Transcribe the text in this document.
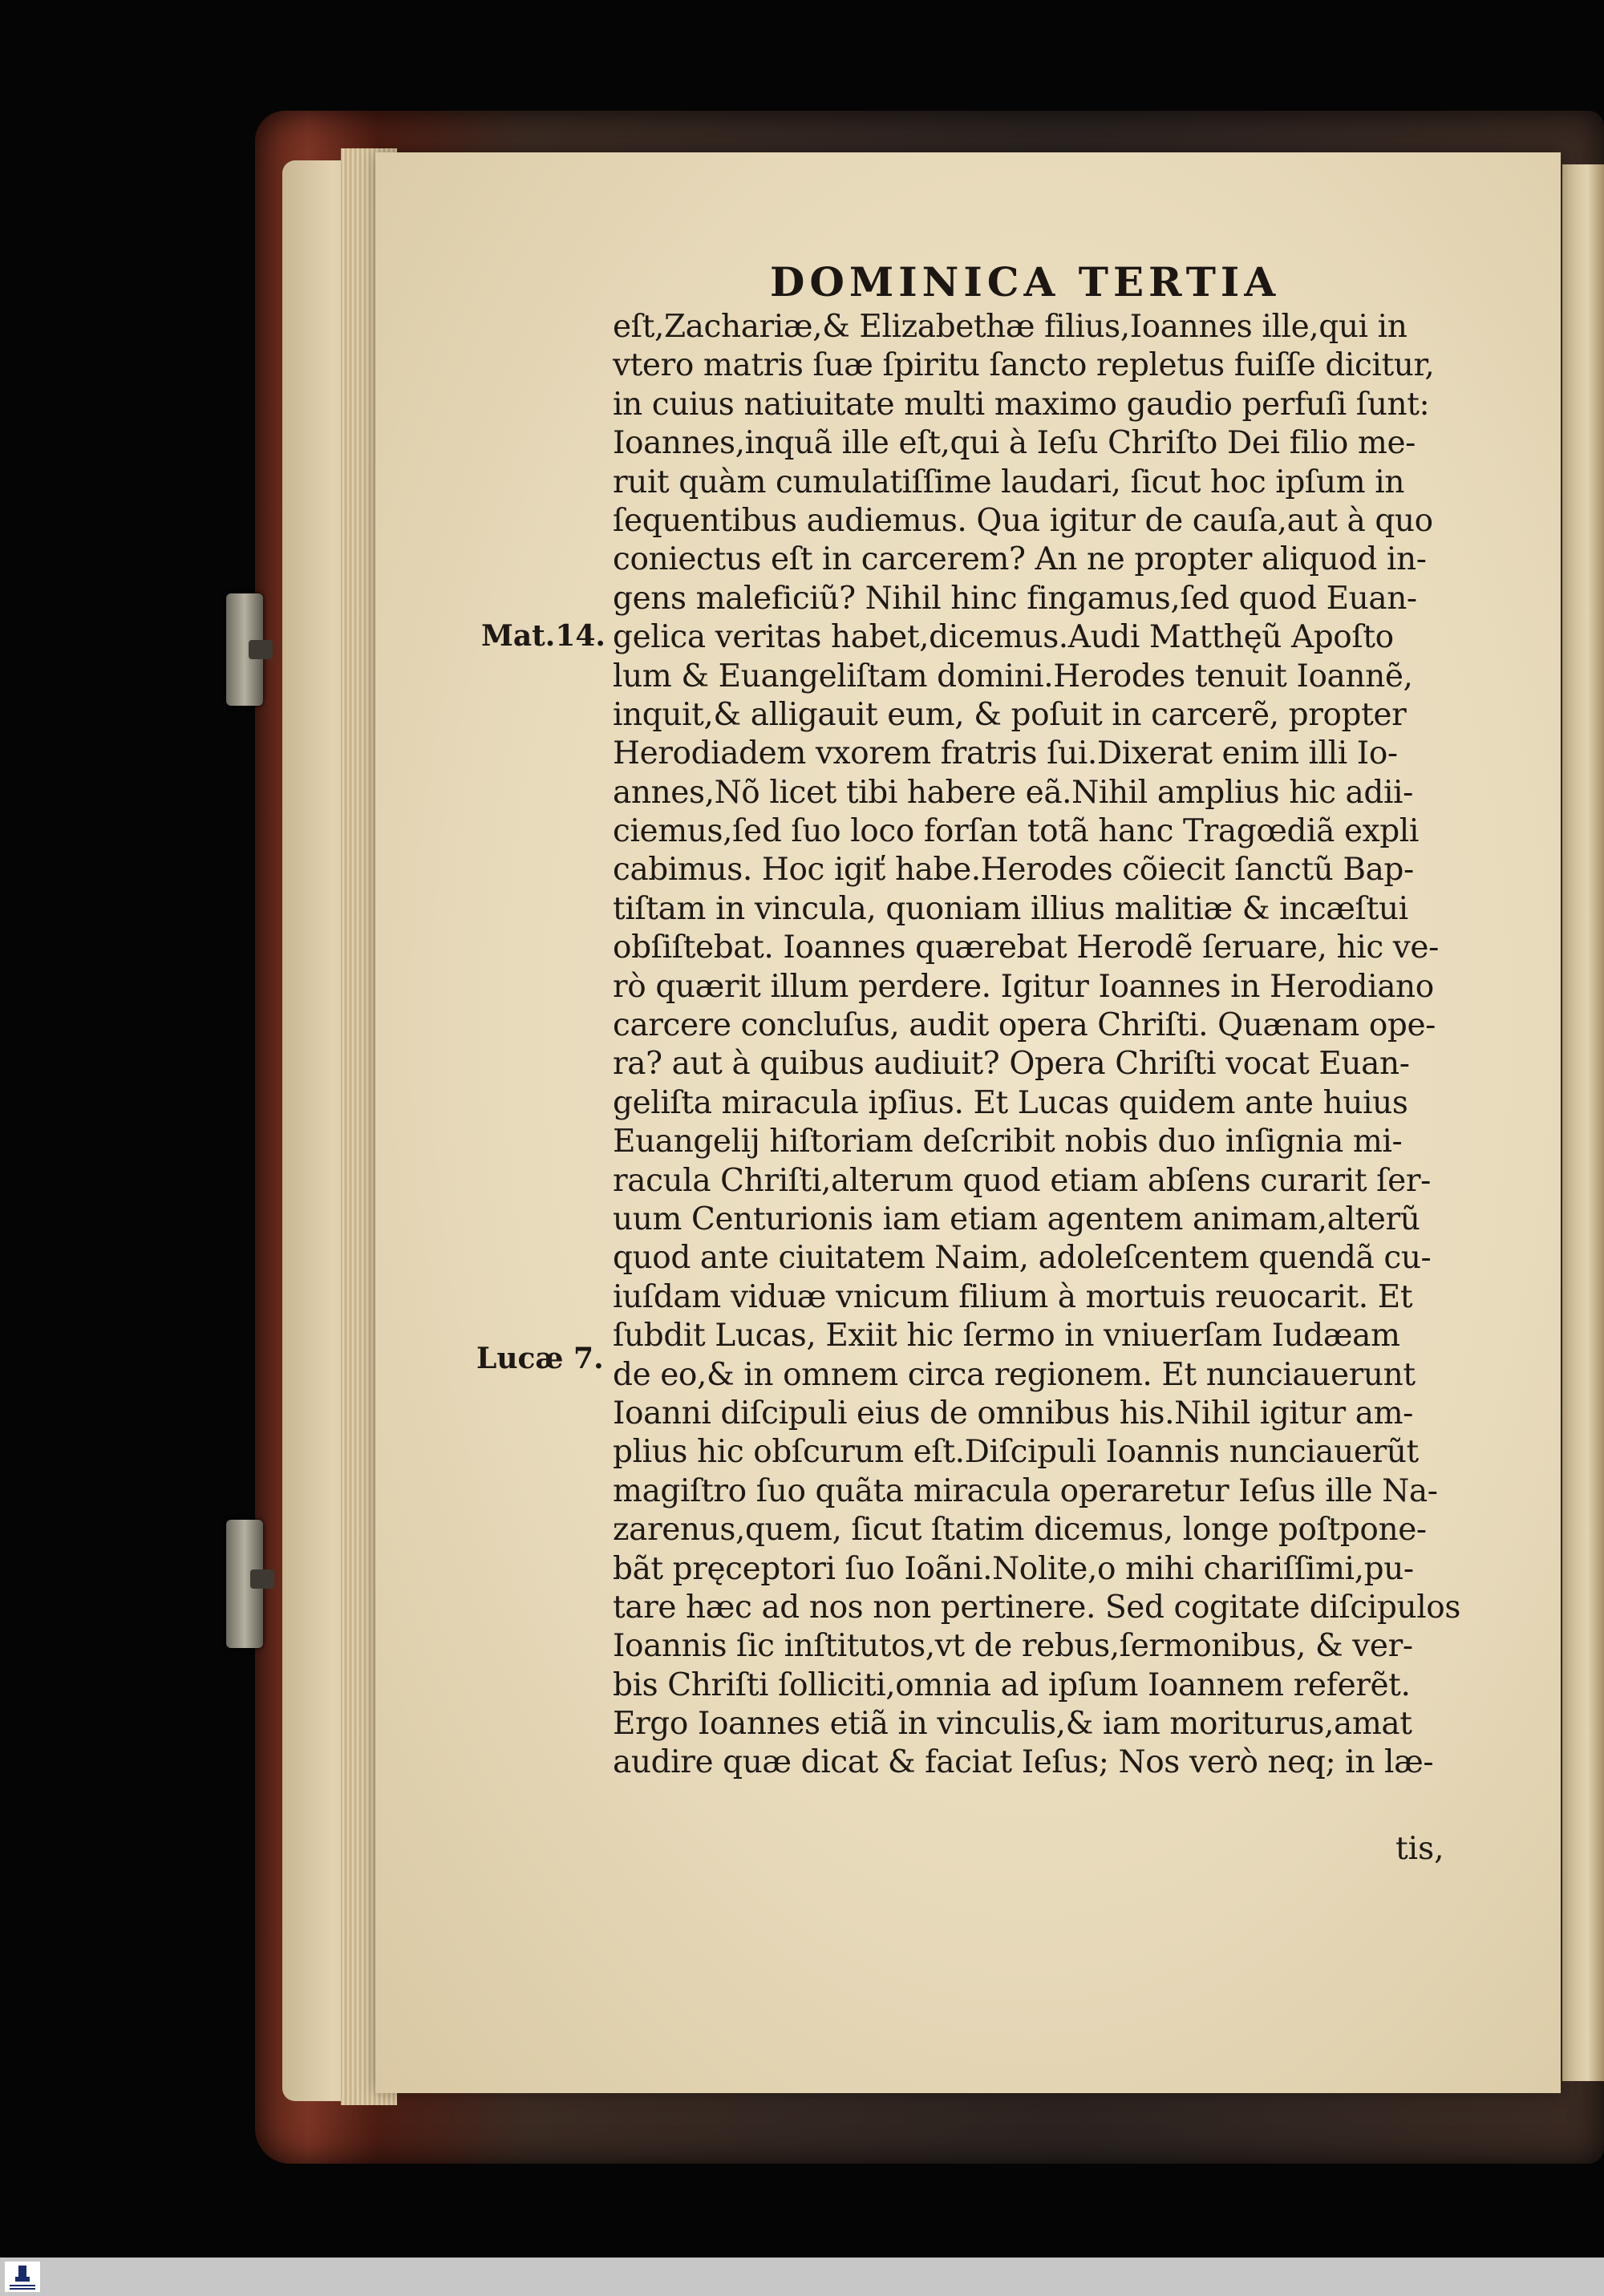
DOMINICA TERTIA
Mat.14.
Lucæ 7.
eſt,Zachariæ,& Elizabethæ filius,Ioannes ille,qui in
vtero matris ſuæ ſpiritu ſancto repletus fuiſſe dicitur,
in cuius natiuitate multi maximo gaudio perfuſi ſunt:
Ioannes,inquã ille eſt,qui à Ieſu Chriſto Dei filio me-
ruit quàm cumulatiſſime laudari, ſicut hoc ipſum in
ſequentibus audiemus. Qua igitur de cauſa,aut à quo
coniectus eſt in carcerem? An ne propter aliquod in-
gens maleficiũ? Nihil hinc fingamus,ſed quod Euan-
gelica veritas habet,dicemus.Audi Matthęũ Apoſto
lum & Euangeliſtam domini.Herodes tenuit Ioannẽ,
inquit,& alligauit eum, & poſuit in carcerẽ, propter
Herodiadem vxorem fratris ſui.Dixerat enim illi Io-
annes,Nõ licet tibi habere eã.Nihil amplius hic adii-
ciemus,ſed ſuo loco forſan totã hanc Tragœdiã expli
cabimus. Hoc igiť habe.Herodes cõiecit ſanctũ Bap-
tiſtam in vincula, quoniam illius malitiæ & incæſtui
obſiſtebat. Ioannes quærebat Herodẽ ſeruare, hic ve-
rò quærit illum perdere. Igitur Ioannes in Herodiano
carcere concluſus, audit opera Chriſti. Quænam ope-
ra? aut à quibus audiuit? Opera Chriſti vocat Euan-
geliſta miracula ipſius. Et Lucas quidem ante huius
Euangelij hiſtoriam deſcribit nobis duo inſignia mi-
racula Chriſti,alterum quod etiam abſens curarit ſer-
uum Centurionis iam etiam agentem animam,alterũ
quod ante ciuitatem Naim, adoleſcentem quendã cu-
iuſdam viduæ vnicum filium à mortuis reuocarit. Et
ſubdit Lucas, Exiit hic ſermo in vniuerſam Iudæam
de eo,& in omnem circa regionem. Et nunciauerunt
Ioanni diſcipuli eius de omnibus his.Nihil igitur am-
plius hic obſcurum eſt.Diſcipuli Ioannis nunciauerũt
magiſtro ſuo quãta miracula operaretur Ieſus ille Na-
zarenus,quem, ſicut ſtatim dicemus, longe poſtpone-
bãt pręceptori ſuo Ioãni.Nolite,o mihi chariſſimi,pu-
tare hæc ad nos non pertinere. Sed cogitate diſcipulos
Ioannis ſic inſtitutos,vt de rebus,ſermonibus, & ver-
bis Chriſti ſolliciti,omnia ad ipſum Ioannem referẽt.
Ergo Ioannes etiã in vinculis,& iam moriturus,amat
audire quæ dicat & faciat Ieſus; Nos verò neq; in læ-
tis,
